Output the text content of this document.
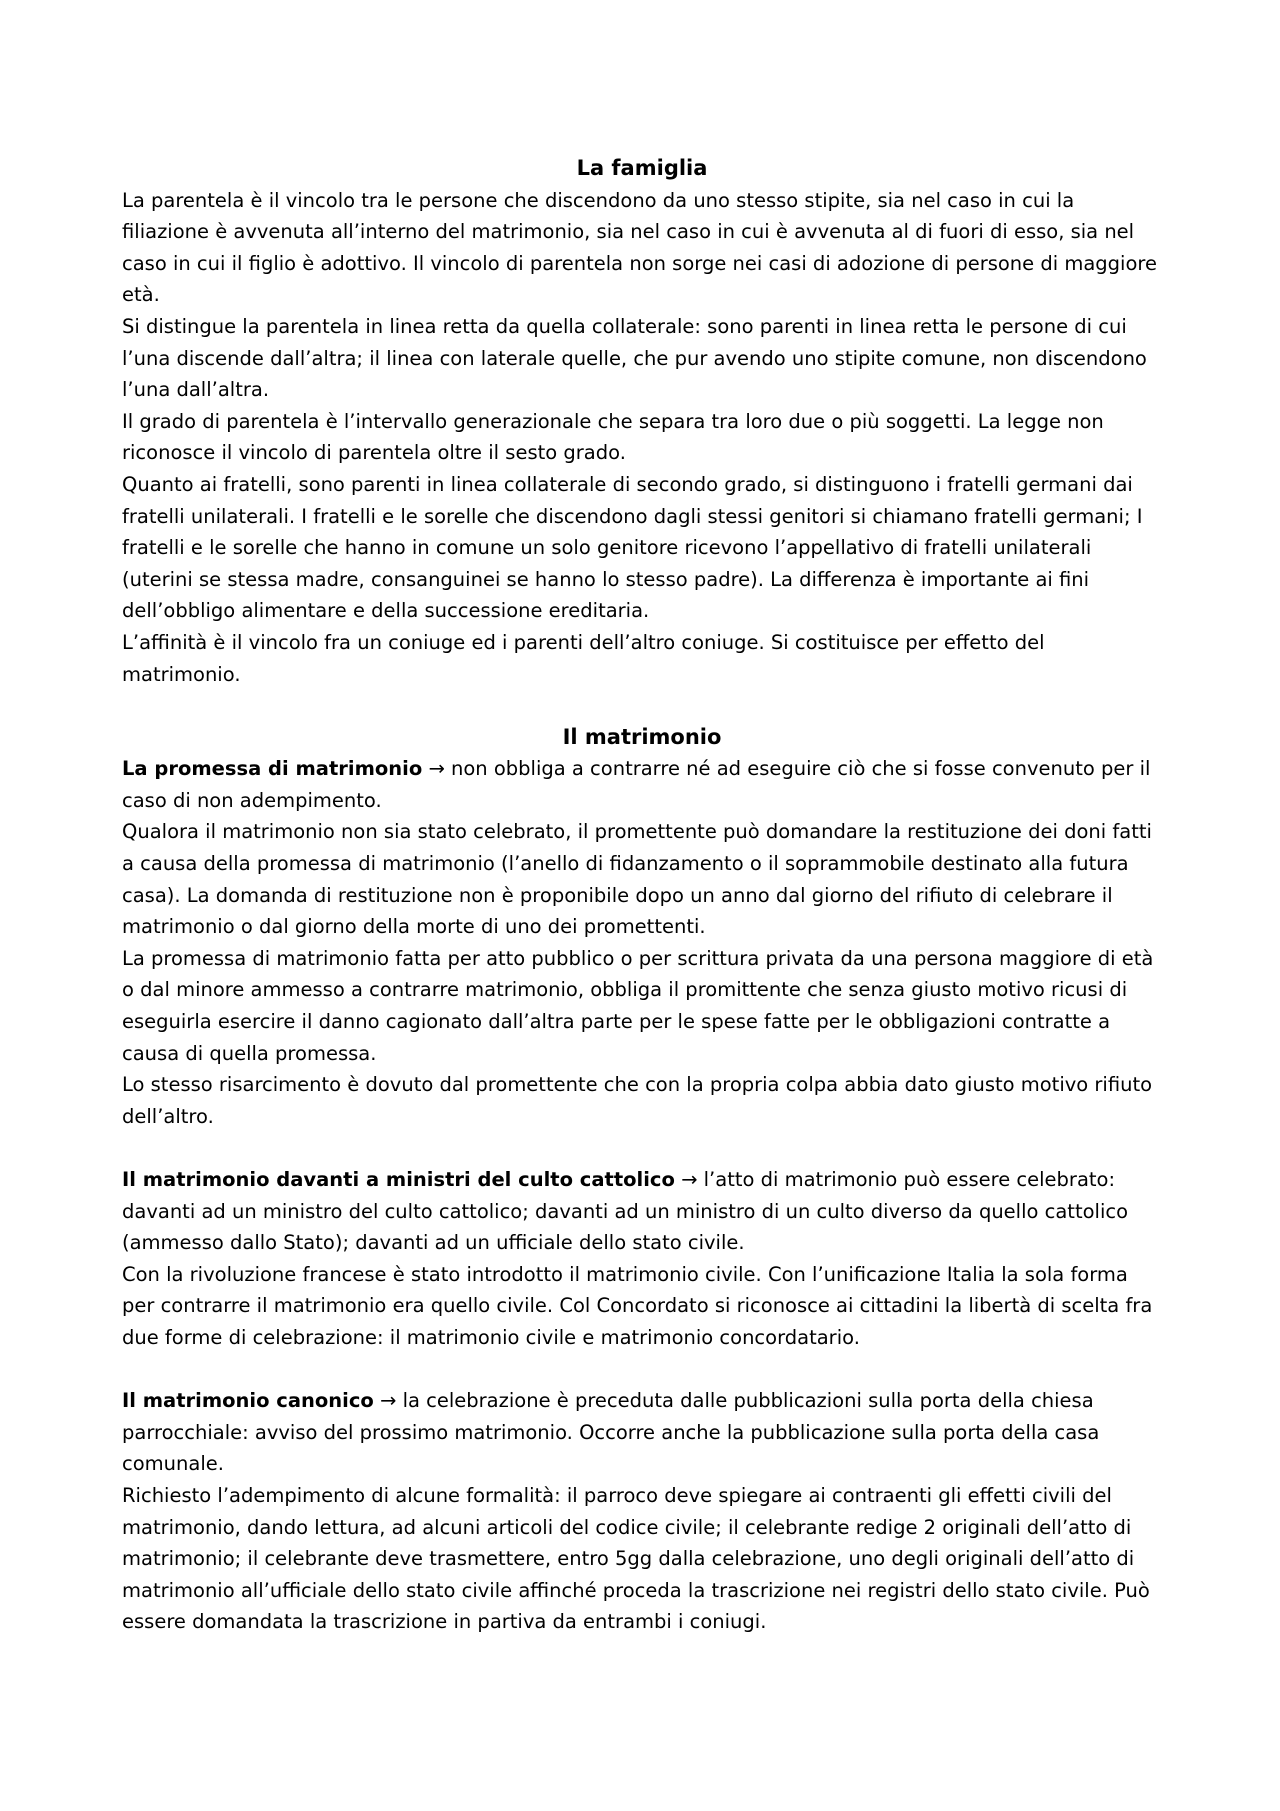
La famiglia

La parentela è il vincolo tra le persone che discendono da uno stesso stipite, sia nel caso in cui la filiazione è avvenuta all’interno del matrimonio, sia nel caso in cui è avvenuta al di fuori di esso, sia nel caso in cui il figlio è adottivo. Il vincolo di parentela non sorge nei casi di adozione di persone di maggiore età.

Si distingue la parentela in linea retta da quella collaterale: sono parenti in linea retta le persone di cui l’una discende dall’altra; il linea con laterale quelle, che pur avendo uno stipite comune, non discendono l’una dall’altra.

Il grado di parentela è l’intervallo generazionale che separa tra loro due o più soggetti. La legge non riconosce il vincolo di parentela oltre il sesto grado.

Quanto ai fratelli, sono parenti in linea collaterale di secondo grado, si distinguono i fratelli germani dai fratelli unilaterali. I fratelli e le sorelle che discendono dagli stessi genitori si chiamano fratelli germani; I fratelli e le sorelle che hanno in comune un solo genitore ricevono l’appellativo di fratelli unilaterali (uterini se stessa madre, consanguinei se hanno lo stesso padre). La differenza è importante ai fini dell’obbligo alimentare e della successione ereditaria.

L’affinità è il vincolo fra un coniuge ed i parenti dell’altro coniuge. Si costituisce per effetto del matrimonio.

Il matrimonio

La promessa di matrimonio → non obbliga a contrarre né ad eseguire ciò che si fosse convenuto per il caso di non adempimento.

Qualora il matrimonio non sia stato celebrato, il promettente può domandare la restituzione dei doni fatti a causa della promessa di matrimonio (l’anello di fidanzamento o il soprammobile destinato alla futura casa). La domanda di restituzione non è proponibile dopo un anno dal giorno del rifiuto di celebrare il matrimonio o dal giorno della morte di uno dei promettenti.

La promessa di matrimonio fatta per atto pubblico o per scrittura privata da una persona maggiore di età o dal minore ammesso a contrarre matrimonio, obbliga il promittente che senza giusto motivo ricusi di eseguirla esercire il danno cagionato dall’altra parte per le spese fatte per le obbligazioni contratte a causa di quella promessa.

Lo stesso risarcimento è dovuto dal promettente che con la propria colpa abbia dato giusto motivo rifiuto dell’altro.

Il matrimonio davanti a ministri del culto cattolico → l’atto di matrimonio può essere celebrato: davanti ad un ministro del culto cattolico; davanti ad un ministro di un culto diverso da quello cattolico (ammesso dallo Stato); davanti ad un ufficiale dello stato civile.

Con la rivoluzione francese è stato introdotto il matrimonio civile. Con l’unificazione Italia la sola forma per contrarre il matrimonio era quello civile. Col Concordato si riconosce ai cittadini la libertà di scelta fra due forme di celebrazione: il matrimonio civile e matrimonio concordatario.

Il matrimonio canonico → la celebrazione è preceduta dalle pubblicazioni sulla porta della chiesa parrocchiale: avviso del prossimo matrimonio. Occorre anche la pubblicazione sulla porta della casa comunale.

Richiesto l’adempimento di alcune formalità: il parroco deve spiegare ai contraenti gli effetti civili del matrimonio, dando lettura, ad alcuni articoli del codice civile; il celebrante redige 2 originali dell’atto di matrimonio; il celebrante deve trasmettere, entro 5gg dalla celebrazione, uno degli originali dell’atto di matrimonio all’ufficiale dello stato civile affinché proceda la trascrizione nei registri dello stato civile. Può essere domandata la trascrizione in partiva da entrambi i coniugi.
